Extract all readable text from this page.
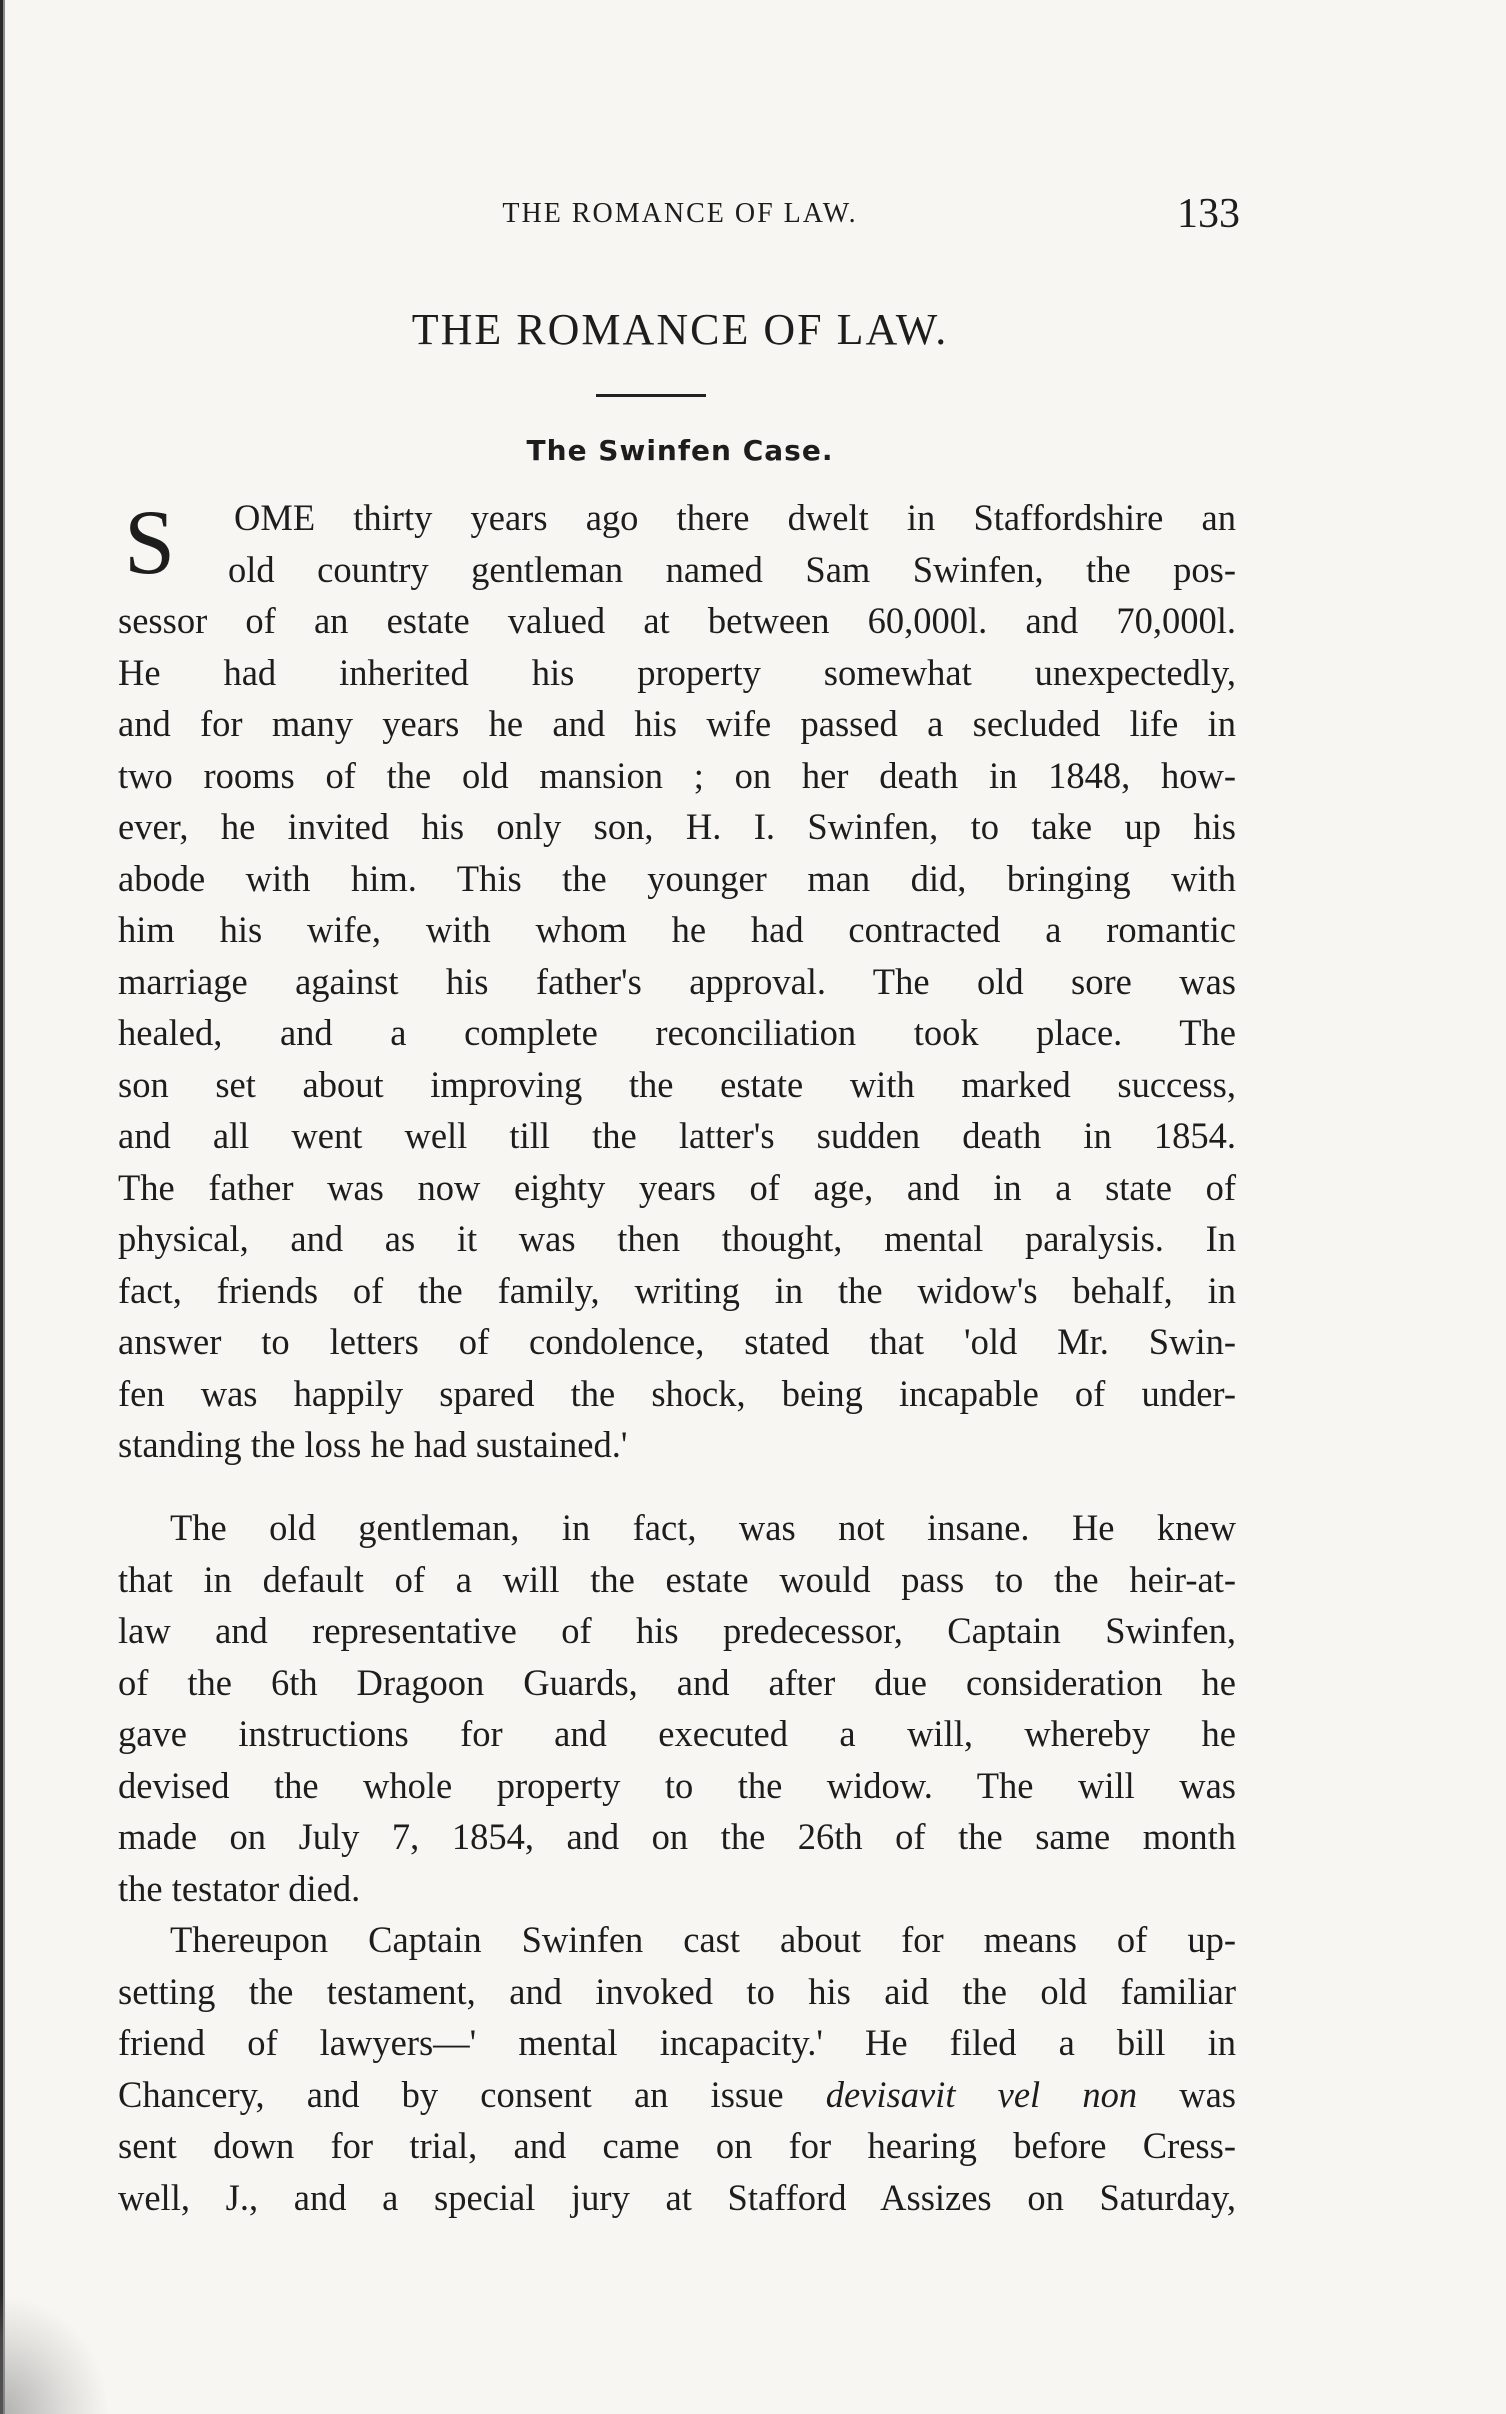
THE ROMANCE OF LAW.	133
THE ROMANCE OF LAW.
The Swinfen Case.
S	OME thirty years ago there dwelt in Staffordshire an
old country gentleman named Sam Swinfen, the pos-
sessor of an estate valued at between 60,000l. and 70,000l.
He had inherited his property somewhat unexpectedly,
and for many years he and his wife passed a secluded life in
two rooms of the old mansion ; on her death in 1848, how-
ever, he invited his only son, H. I. Swinfen, to take up his
abode with him. This the younger man did, bringing with
him his wife, with whom he had contracted a romantic
marriage against his father's approval. The old sore was
healed, and a complete reconciliation took place. The
son set about improving the estate with marked success,
and all went well till the latter's sudden death in 1854.
The father was now eighty years of age, and in a state of
physical, and as it was then thought, mental paralysis. In
fact, friends of the family, writing in the widow's behalf, in
answer to letters of condolence, stated that 'old Mr. Swin-
fen was happily spared the shock, being incapable of under-
standing the loss he had sustained.'
The old gentleman, in fact, was not insane. He knew
that in default of a will the estate would pass to the heir-at-
law and representative of his predecessor, Captain Swinfen,
of the 6th Dragoon Guards, and after due consideration he
gave instructions for and executed a will, whereby he
devised the whole property to the widow. The will was
made on July 7, 1854, and on the 26th of the same month
the testator died.
Thereupon Captain Swinfen cast about for means of up-
setting the testament, and invoked to his aid the old familiar
friend of lawyers—' mental incapacity.' He filed a bill in
Chancery, and by consent an issue devisavit vel non was
sent down for trial, and came on for hearing before Cress-
well, J., and a special jury at Stafford Assizes on Saturday,
